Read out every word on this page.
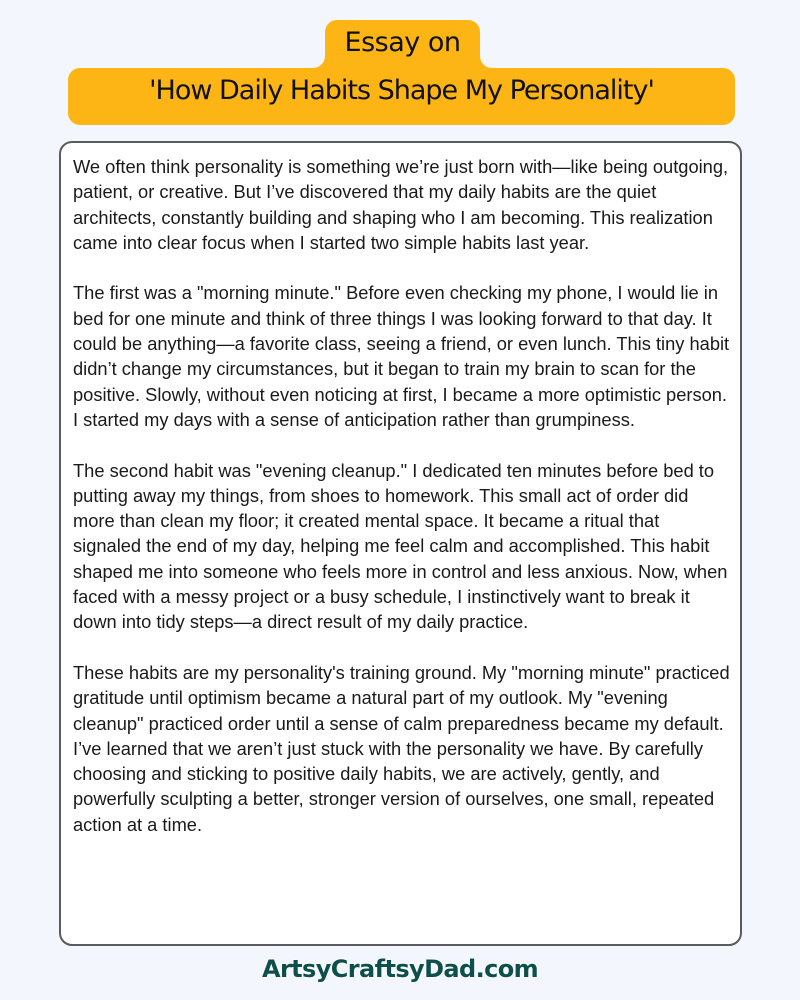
Essay on
'How Daily Habits Shape My Personality'

We often think personality is something we’re just born with—like being outgoing, patient, or creative. But I’ve discovered that my daily habits are the quiet architects, constantly building and shaping who I am becoming. This realization came into clear focus when I started two simple habits last year.

The first was a "morning minute." Before even checking my phone, I would lie in bed for one minute and think of three things I was looking forward to that day. It could be anything—a favorite class, seeing a friend, or even lunch. This tiny habit didn’t change my circumstances, but it began to train my brain to scan for the positive. Slowly, without even noticing at first, I became a more optimistic person. I started my days with a sense of anticipation rather than grumpiness.

The second habit was "evening cleanup." I dedicated ten minutes before bed to putting away my things, from shoes to homework. This small act of order did more than clean my floor; it created mental space. It became a ritual that signaled the end of my day, helping me feel calm and accomplished. This habit shaped me into someone who feels more in control and less anxious. Now, when faced with a messy project or a busy schedule, I instinctively want to break it down into tidy steps—a direct result of my daily practice.

These habits are my personality's training ground. My "morning minute" practiced gratitude until optimism became a natural part of my outlook. My "evening cleanup" practiced order until a sense of calm preparedness became my default. I’ve learned that we aren’t just stuck with the personality we have. By carefully choosing and sticking to positive daily habits, we are actively, gently, and powerfully sculpting a better, stronger version of ourselves, one small, repeated action at a time.

ArtsyCraftsyDad.com
